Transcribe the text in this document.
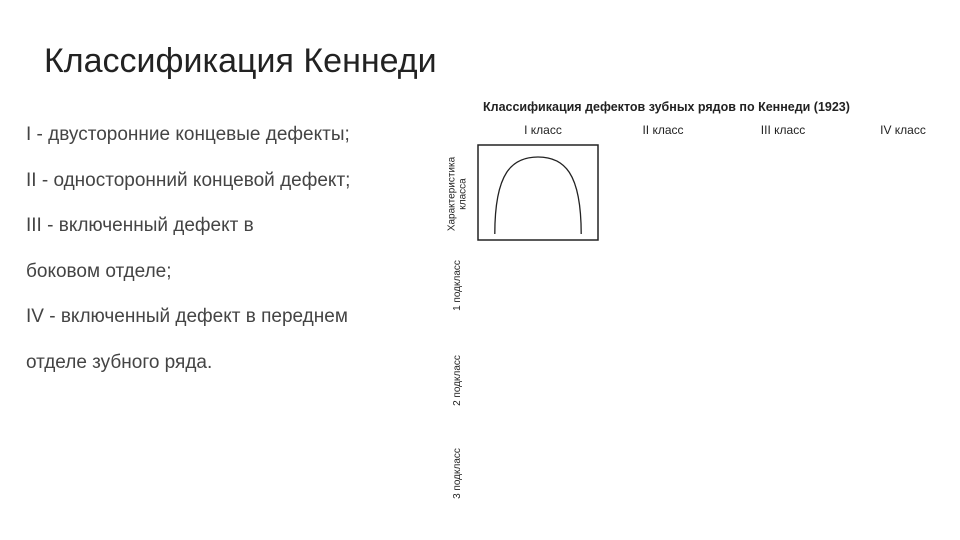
Классификация Кеннеди
I - двусторонние концевые дефекты;
II - односторонний концевой дефект;
III - включенный дефект в
боковом отделе;
IV - включенный дефект в переднем
отделе зубного ряда.
Классификация дефектов зубных рядов по Кеннеди (1923)
I класс	II класс	III класс	IV класс
Характеристика класса
1 подкласс
2 подкласс
3 подкласс
